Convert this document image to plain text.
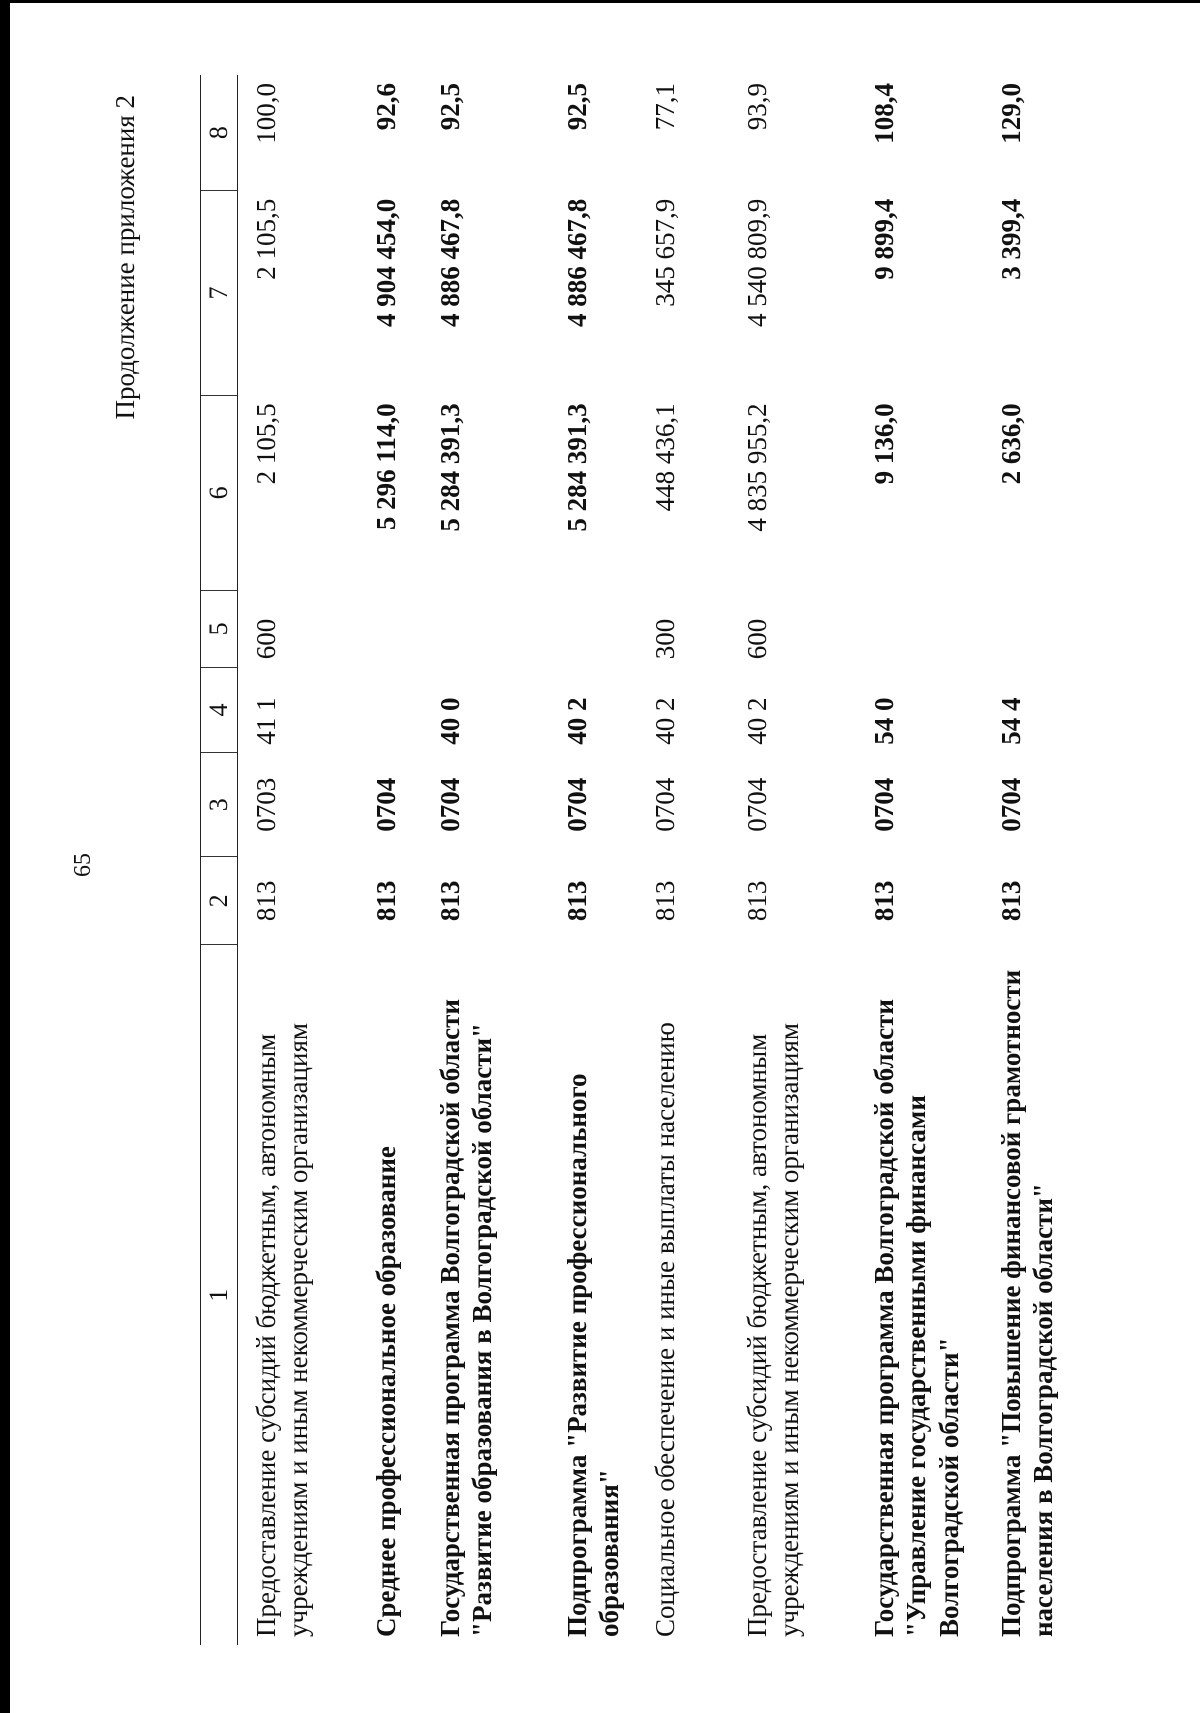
65
Продолжение приложения 2
1	2	3	4	5	6	7	8
Предоставление субсидий бюджетным, автономным учреждениям и иным некоммерческим организациям	813	0703	41 1	600	2 105,5	2 105,5	100,0
Среднее профессиональное образование	813	0704			5 296 114,0	4 904 454,0	92,6
Государственная программа Волгоградской области "Развитие образования в Волгоградской области"	813	0704	40 0		5 284 391,3	4 886 467,8	92,5
Подпрограмма "Развитие профессионального образования"	813	0704	40 2		5 284 391,3	4 886 467,8	92,5
Социальное обеспечение и иные выплаты населению	813	0704	40 2	300	448 436,1	345 657,9	77,1
Предоставление субсидий бюджетным, автономным учреждениям и иным некоммерческим организациям	813	0704	40 2	600	4 835 955,2	4 540 809,9	93,9
Государственная программа Волгоградской области "Управление государственными финансами Волгоградской области"	813	0704	54 0		9 136,0	9 899,4	108,4
Подпрограмма "Повышение финансовой грамотности населения в Волгоградской области"	813	0704	54 4		2 636,0	3 399,4	129,0
